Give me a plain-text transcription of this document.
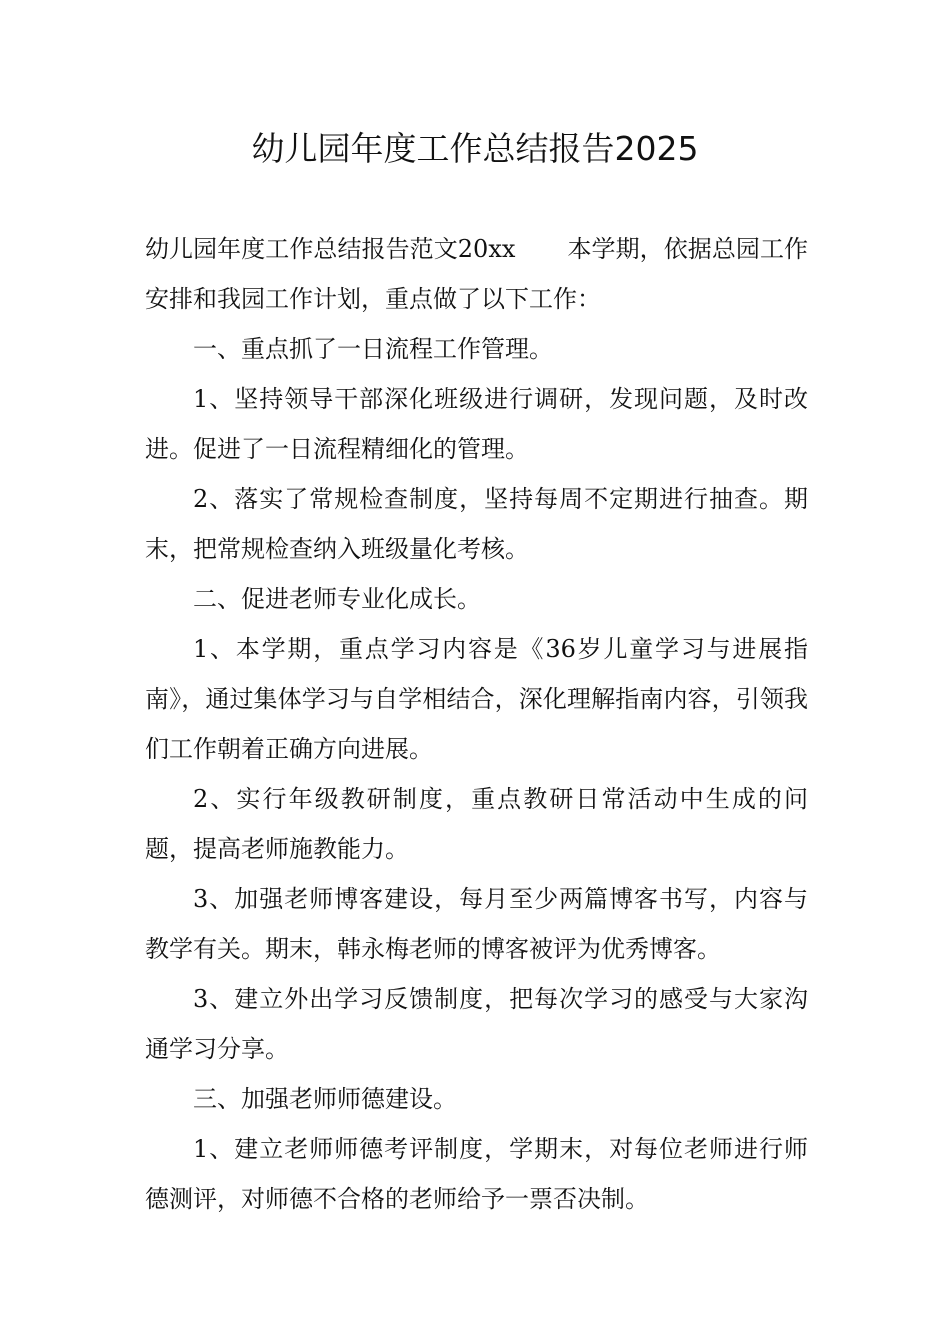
幼儿园年度工作总结报告2025

幼儿园年度工作总结报告范文20xx 本学期，依据总园工作安排和我园工作计划，重点做了以下工作：

一、重点抓了一日流程工作管理。

1、坚持领导干部深化班级进行调研，发现问题，及时改进。促进了一日流程精细化的管理。

2、落实了常规检查制度，坚持每周不定期进行抽查。期末，把常规检查纳入班级量化考核。

二、促进老师专业化成长。

1、本学期，重点学习内容是《36岁儿童学习与进展指南》，通过集体学习与自学相结合，深化理解指南内容，引领我们工作朝着正确方向进展。

2、实行年级教研制度，重点教研日常活动中生成的问题，提高老师施教能力。

3、加强老师博客建设，每月至少两篇博客书写，内容与教学有关。期末，韩永梅老师的博客被评为优秀博客。

3、建立外出学习反馈制度，把每次学习的感受与大家沟通学习分享。

三、加强老师师德建设。

1、建立老师师德考评制度，学期末，对每位老师进行师德测评，对师德不合格的老师给予一票否决制。
